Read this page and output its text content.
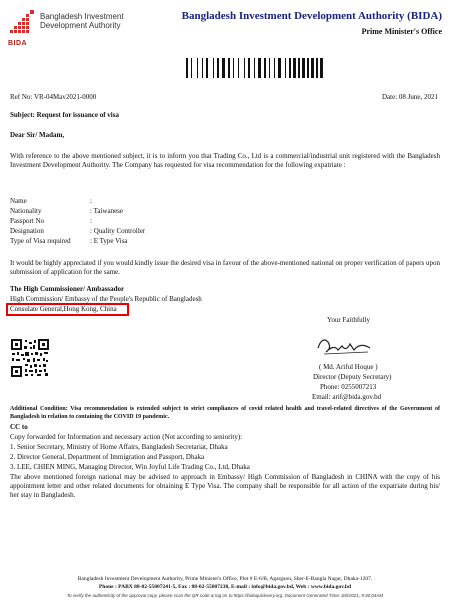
Bangladesh Investment
Development Authority
BIDA
Bangladesh Investment Development Authority (BIDA)
Prime Minister's Office
Ref No: VR-04Mav2021-0000	Date: 08 June, 2021
Subject: Request for issuance of visa
Dear Sir/ Madam,
With reference to the above mentioned subject, it is to inform you that Trading Co., Ltd is a commercial/industrial unit registered with the Bangladesh Investment Development Authority. The Company has requested for visa recommendation for the following expatriate :
Name	:
Nationality	: Taiwanese
Passport No	:
Designation	: Quality Controller
Type of Visa required	: E Type Visa
It would be highly appreciated if you would kindly issue the desired visa in favour of the above-mentioned national on proper verification of papers upon submission of application for the same.
The High Commissioner/ Ambassador
High Commission/ Embassy of the People's Republic of Bangladesh
Consulate General,Hong Kong, China
Your Faithfully
( Md. Ariful Hoque )
Director (Deputy Secretary)
Phone: 0255007213
Email: arif@bida.gov.bd
Additional Condition: Visa recommendation is extended subject to strict compliances of covid related health and travel-related directives of the Government of Bangladesh in relation to containing the COVID 19 pandemic.
CC to
Copy forwarded for Information and necessary action (Not according to seniority):
1. Senior Secretary, Ministry of Home Affairs, Bangladesh Secretariat, Dhaka
2. Director General, Department of Immigration and Passport, Dhaka
3. LEE, CHIEN MING, Managing Director, Win Joyful Life Trading Co., Ltd, Dhaka
The above mentioned foreign national may be advised to approach in Embassy/ High Commission of Bangladesh in CHINA with the copy of his appointment letter and other related documents for obtaining E Type Visa. The company shall be responsible for all action of the expatriate during his/ her stay in Bangladesh.
Bangladesh Investment Development Authority, Prime Minister's Office, Plot # E-6/B, Agargaon, Sher-E-Bangla Nagar, Dhaka-1207.
Phone : PABX 88-02-55007241-5, Fax : 88-02-55007238, E-mail : info@bida.gov.bd, Web : www.bida.gov.bd
To verify the authenticity of the approval copy, please scan the QR code & log on to https://bidaquicksery.org. Document Generated Time: 6/8/2021, 9:30:04AM
